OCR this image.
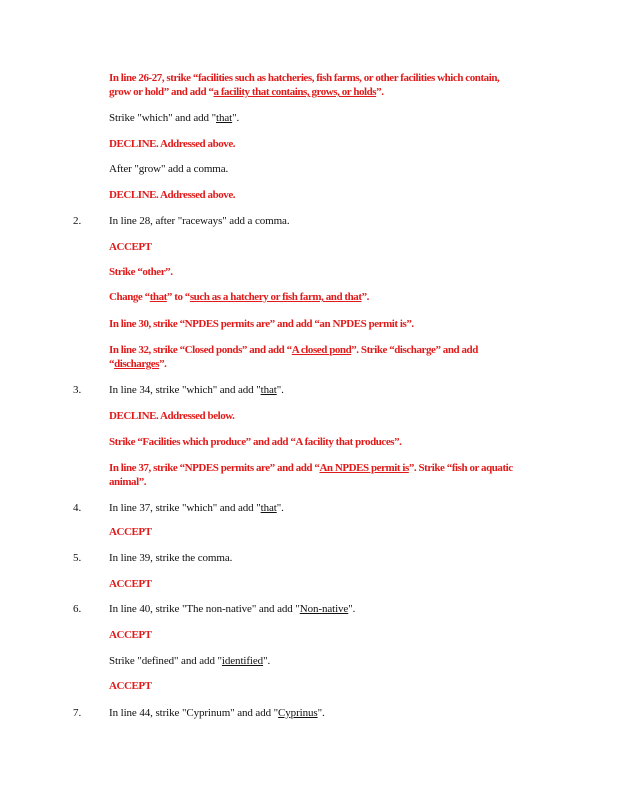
In line 26-27, strike “facilities such as hatcheries, fish farms, or other facilities which contain,
grow or hold” and add “a facility that contains, grows, or holds”.
Strike "which" and add "that".
DECLINE. Addressed above.
After "grow" add a comma.
DECLINE. Addressed above.
2.	In line 28, after "raceways" add a comma.
ACCEPT
Strike “other”.
Change “that” to “such as a hatchery or fish farm, and that”.
In line 30, strike “NPDES permits are” and add “an NPDES permit is”.
In line 32, strike “Closed ponds” and add “A closed pond”. Strike “discharge” and add
“discharges”.
3.	In line 34, strike "which" and add "that".
DECLINE. Addressed below.
Strike “Facilities which produce” and add “A facility that produces”.
In line 37, strike “NPDES permits are” and add “An NPDES permit is”. Strike “fish or aquatic
animal”.
4.	In line 37, strike "which" and add "that".
ACCEPT
5.	In line 39, strike the comma.
ACCEPT
6.	In line 40, strike "The non-native" and add "Non-native".
ACCEPT
Strike "defined" and add "identified".
ACCEPT
7.	In line 44, strike "Cyprinum" and add "Cyprinus".
